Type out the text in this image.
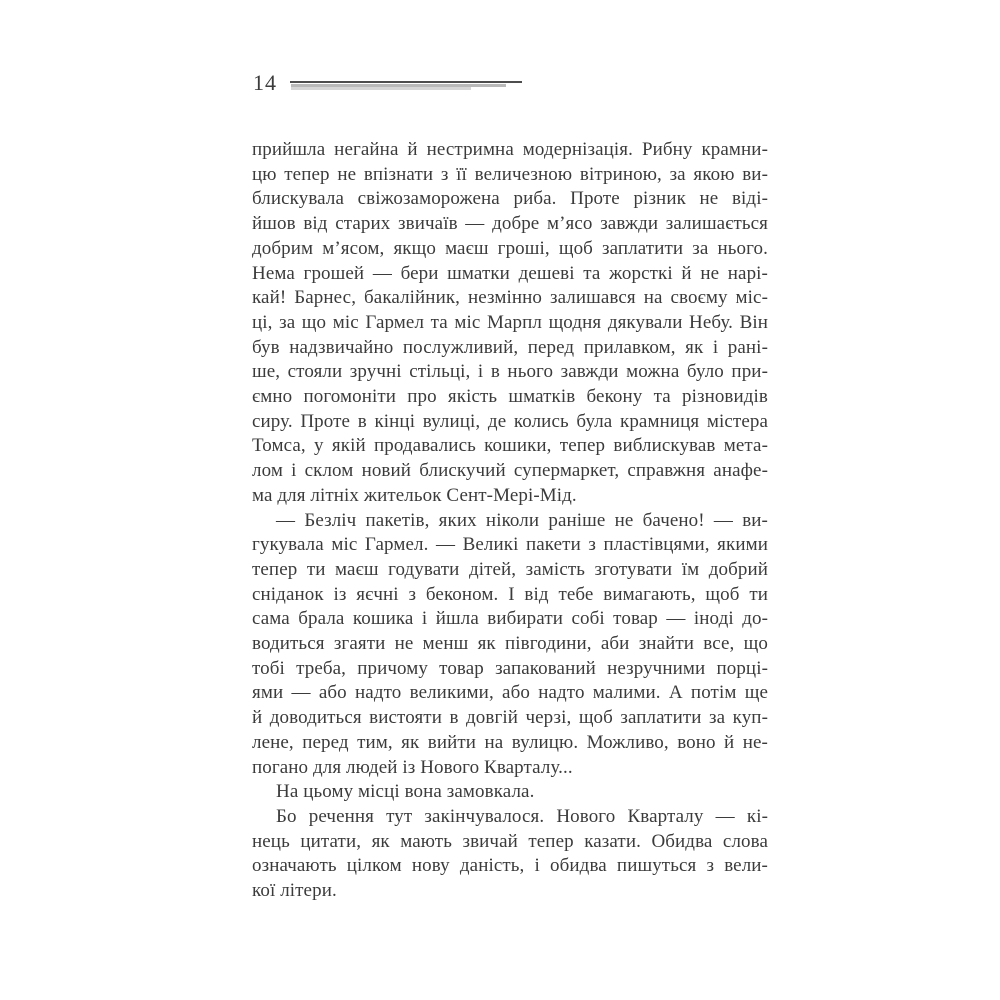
14
прийшла негайна й нестримна модернізація. Рибну крамни-
цю тепер не впізнати з її величезною вітриною, за якою ви-
блискувала свіжозаморожена риба. Проте різник не віді-
йшов від старих звичаїв — добре м’ясо завжди залишається
добрим м’ясом, якщо маєш гроші, щоб заплатити за нього.
Нема грошей — бери шматки дешеві та жорсткі й не нарі-
кай! Барнес, бакалійник, незмінно залишався на своєму міс-
ці, за що міс Гармел та міс Марпл щодня дякували Небу. Він
був надзвичайно послужливий, перед прилавком, як і рані-
ше, стояли зручні стільці, і в нього завжди можна було при-
ємно погомоніти про якість шматків бекону та різновидів
сиру. Проте в кінці вулиці, де колись була крамниця містера
Томса, у якій продавались кошики, тепер виблискував мета-
лом і склом новий блискучий супермаркет, справжня анафе-
ма для літніх жительок Сент-Мері-Мід.
— Безліч пакетів, яких ніколи раніше не бачено! — ви-
гукувала міс Гармел. — Великі пакети з пластівцями, якими
тепер ти маєш годувати дітей, замість зготувати їм добрий
сніданок із яєчні з беконом. І від тебе вимагають, щоб ти
сама брала кошика і йшла вибирати собі товар — іноді до-
водиться згаяти не менш як півгодини, аби знайти все, що
тобі треба, причому товар запакований незручними порці-
ями — або надто великими, або надто малими. А потім ще
й доводиться вистояти в довгій черзі, щоб заплатити за куп-
лене, перед тим, як вийти на вулицю. Можливо, воно й не-
погано для людей із Нового Кварталу...
На цьому місці вона замовкала.
Бо речення тут закінчувалося. Нового Кварталу — кі-
нець цитати, як мають звичай тепер казати. Обидва слова
означають цілком нову даність, і обидва пишуться з вели-
кої літери.
